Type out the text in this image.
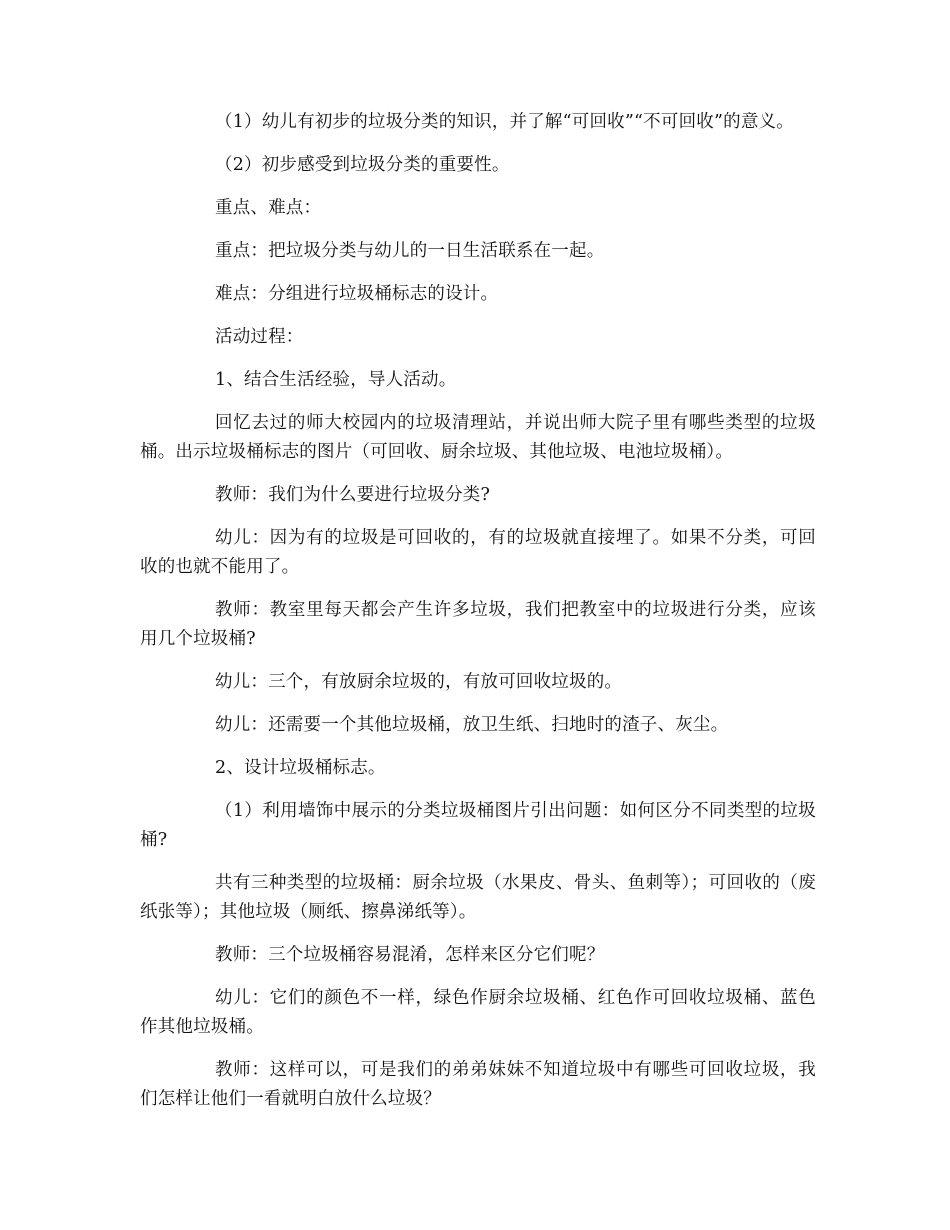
（1）幼儿有初步的垃圾分类的知识，并了解“可回收”“不可回收”的意义。

（2）初步感受到垃圾分类的重要性。

重点、难点：

重点：把垃圾分类与幼儿的一日生活联系在一起。

难点：分组进行垃圾桶标志的设计。

活动过程：

1、结合生活经验，导人活动。

回忆去过的师大校园内的垃圾清理站，并说出师大院子里有哪些类型的垃圾桶。出示垃圾桶标志的图片（可回收、厨余垃圾、其他垃圾、电池垃圾桶）。

教师：我们为什么要进行垃圾分类?

幼儿：因为有的垃圾是可回收的，有的垃圾就直接埋了。如果不分类，可回收的也就不能用了。

教师：教室里每天都会产生许多垃圾，我们把教室中的垃圾进行分类，应该用几个垃圾桶?

幼儿：三个，有放厨余垃圾的，有放可回收垃圾的。

幼儿：还需要一个其他垃圾桶，放卫生纸、扫地时的渣子、灰尘。

2、设计垃圾桶标志。

（1）利用墙饰中展示的分类垃圾桶图片引出问题：如何区分不同类型的垃圾桶?

共有三种类型的垃圾桶：厨余垃圾（水果皮、骨头、鱼刺等）；可回收的（废纸张等）；其他垃圾（厕纸、擦鼻涕纸等）。

教师：三个垃圾桶容易混淆，怎样来区分它们呢？

幼儿：它们的颜色不一样，绿色作厨余垃圾桶、红色作可回收垃圾桶、蓝色作其他垃圾桶。

教师：这样可以，可是我们的弟弟妹妹不知道垃圾中有哪些可回收垃圾，我们怎样让他们一看就明白放什么垃圾？
